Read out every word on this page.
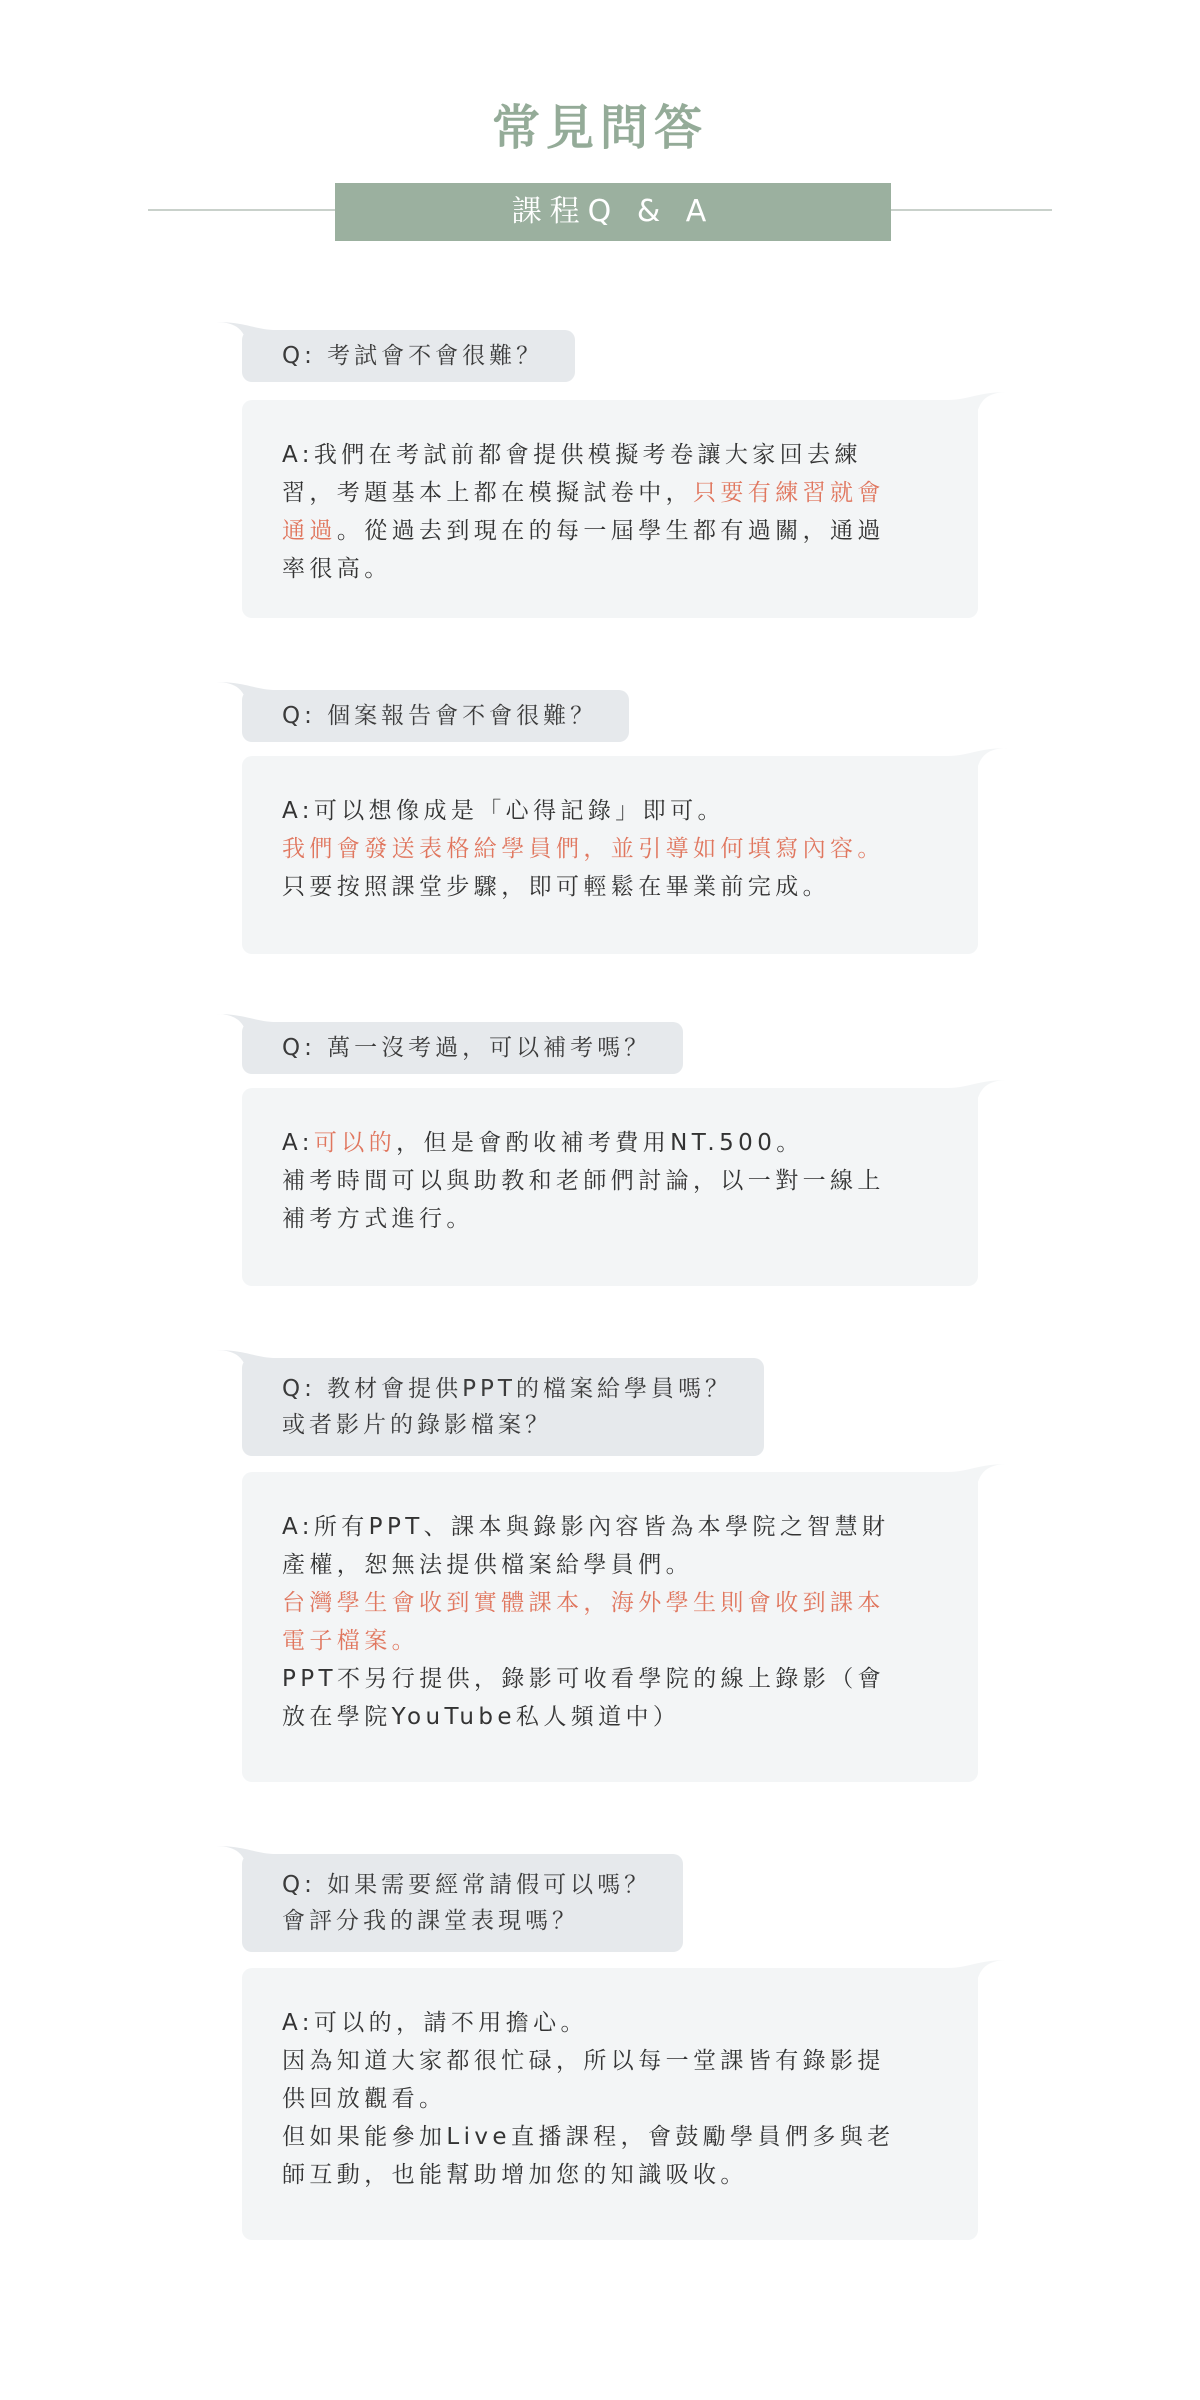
常見問答
課程Q & A
Q: 考試會不會很難？
A:我們在考試前都會提供模擬考卷讓大家回去練
習，考題基本上都在模擬試卷中，只要有練習就會
通過。從過去到現在的每一屆學生都有過關，通過
率很高。
Q: 個案報告會不會很難？
A:可以想像成是「心得記錄」即可。
我們會發送表格給學員們，並引導如何填寫內容。
只要按照課堂步驟，即可輕鬆在畢業前完成。
Q: 萬一沒考過，可以補考嗎？
A:可以的，但是會酌收補考費用NT.500。
補考時間可以與助教和老師們討論，以一對一線上
補考方式進行。
Q: 教材會提供PPT的檔案給學員嗎？
或者影片的錄影檔案？
A:所有PPT、課本與錄影內容皆為本學院之智慧財
產權，恕無法提供檔案給學員們。
台灣學生會收到實體課本，海外學生則會收到課本
電子檔案。
PPT不另行提供，錄影可收看學院的線上錄影（會
放在學院YouTube私人頻道中）
Q: 如果需要經常請假可以嗎？
會評分我的課堂表現嗎？
A:可以的，請不用擔心。
因為知道大家都很忙碌，所以每一堂課皆有錄影提
供回放觀看。
但如果能參加Live直播課程，會鼓勵學員們多與老
師互動，也能幫助增加您的知識吸收。
